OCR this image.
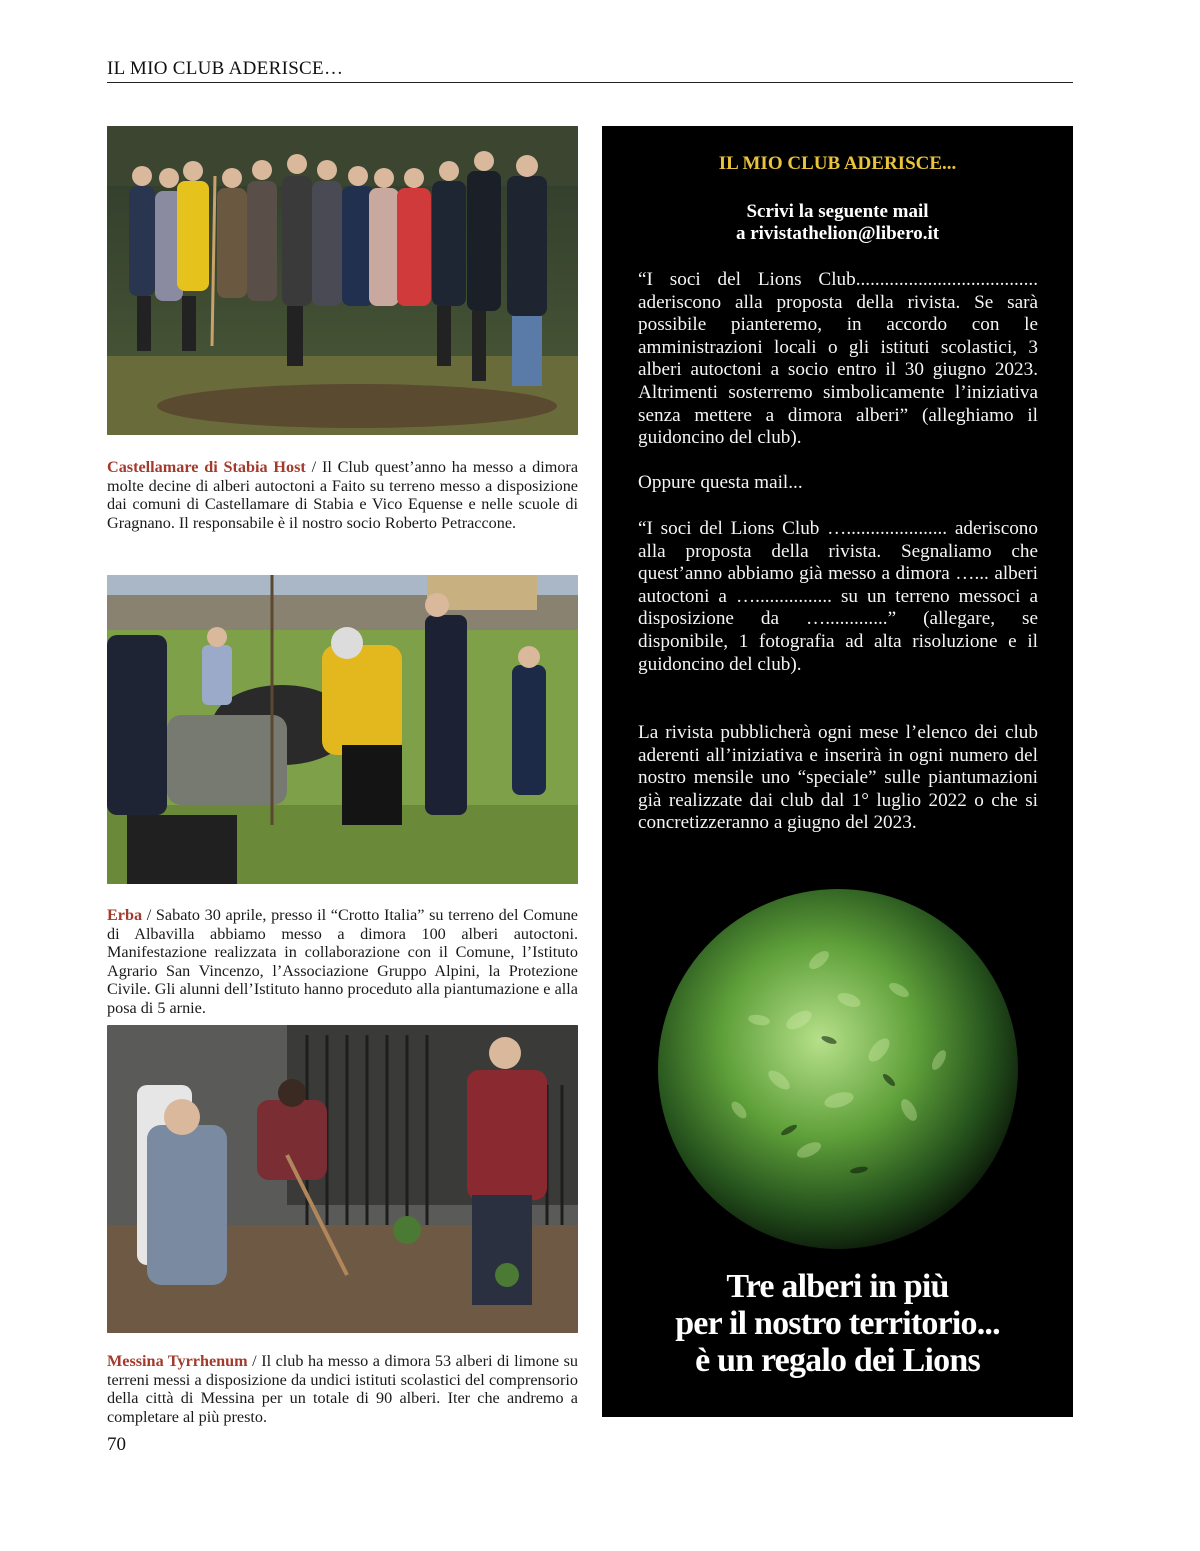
IL MIO CLUB ADERISCE…
Castellamare di Stabia Host / Il Club quest’anno ha messo a dimora molte decine di alberi autoctoni a Faito su terreno messo a disposizione dai comuni di Castellamare di Stabia e Vico Equense e nelle scuole di Gragnano. Il responsabile è il nostro socio Roberto Petraccone.
Erba / Sabato 30 aprile, presso il “Crotto Italia” su terreno del Comune di Albavilla abbiamo messo a dimora 100 alberi autoctoni. Manifestazione realizzata in collaborazione con il Comune, l’Istituto Agrario San Vincenzo, l’Associazione Gruppo Alpini, la Protezione Civile. Gli alunni dell’Istituto hanno proceduto alla piantumazione e alla posa di 5 arnie.
Messina Tyrrhenum / Il club ha messo a dimora 53 alberi di limone su terreni messi a disposizione da undici istituti scolastici del comprensorio della città di Messina per un totale di 90 alberi. Iter che andremo a completare al più presto.
70
IL MIO CLUB ADERISCE...
Scrivi la seguente mail
a rivistathelion@libero.it
“I soci del Lions Club...................................... aderiscono alla proposta della rivista. Se sarà possibile pianteremo, in accordo con le amministrazioni locali o gli istituti scolastici, 3 alberi autoctoni a socio entro il 30 giugno 2023. Altrimenti sosterremo simbolicamente l’iniziativa senza mettere a dimora alberi” (alleghiamo il guidoncino del club).
Oppure questa mail...
“I soci del Lions Club …..................... aderiscono alla proposta della rivista. Segnaliamo che quest’anno abbiamo già messo a dimora …... alberi autoctoni a …................ su un terreno messoci a disposizione da ….............” (allegare, se disponibile, 1 fotografia ad alta risoluzione e il guidoncino del club).
La rivista pubblicherà ogni mese l’elenco dei club aderenti all’iniziativa e inserirà in ogni numero del nostro mensile uno “speciale” sulle piantumazioni già realizzate dai club dal 1° luglio 2022 o che si concretizzeranno a giugno del 2023.
Tre alberi in più
per il nostro territorio...
è un regalo dei Lions
